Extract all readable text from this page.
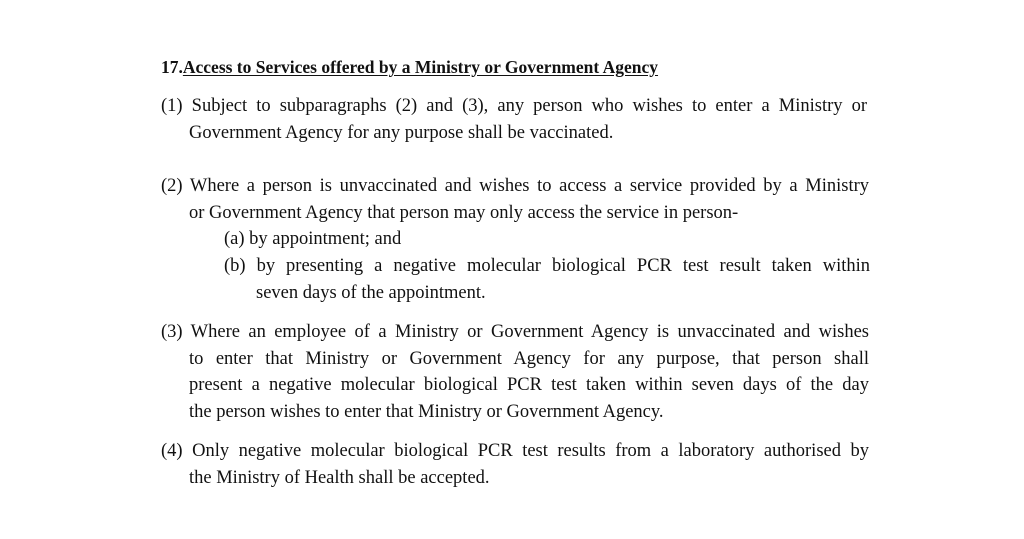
17.Access to Services offered by a Ministry or Government Agency
(1) Subject to subparagraphs (2) and (3), any person who wishes to enter a Ministry or
Government Agency for any purpose shall be vaccinated.
(2) Where a person is unvaccinated and wishes to access a service provided by a Ministry
or Government Agency that person may only access the service in person-
(a) by appointment; and
(b) by presenting a negative molecular biological PCR test result taken within
seven days of the appointment.
(3) Where an employee of a Ministry or Government Agency is unvaccinated and wishes
to enter that Ministry or Government Agency for any purpose, that person shall
present a negative molecular biological PCR test taken within seven days of the day
the person wishes to enter that Ministry or Government Agency.
(4) Only negative molecular biological PCR test results from a laboratory authorised by
the Ministry of Health shall be accepted.
